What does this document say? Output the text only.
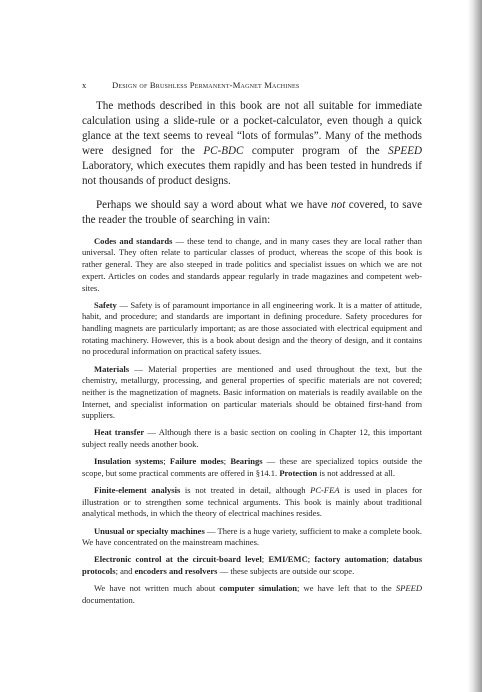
x	Design of Brushless Permanent-Magnet Machines

The methods described in this book are not all suitable for immediate calculation using a slide-rule or a pocket-calculator, even though a quick glance at the text seems to reveal “lots of formulas”. Many of the methods were designed for the PC-BDC computer program of the SPEED Laboratory, which executes them rapidly and has been tested in hundreds if not thousands of product designs.

Perhaps we should say a word about what we have not covered, to save the reader the trouble of searching in vain:

Codes and standards — these tend to change, and in many cases they are local rather than universal. They often relate to particular classes of product, whereas the scope of this book is rather general. They are also steeped in trade politics and specialist issues on which we are not expert. Articles on codes and standards appear regularly in trade magazines and competent web-sites.

Safety — Safety is of paramount importance in all engineering work. It is a matter of attitude, habit, and procedure; and standards are important in defining procedure. Safety procedures for handling magnets are particularly important; as are those associated with electrical equipment and rotating machinery. However, this is a book about design and the theory of design, and it contains no procedural information on practical safety issues.

Materials — Material properties are mentioned and used throughout the text, but the chemistry, metallurgy, processing, and general properties of specific materials are not covered; neither is the magnetization of magnets. Basic information on materials is readily available on the Internet, and specialist information on particular materials should be obtained first-hand from suppliers.

Heat transfer — Although there is a basic section on cooling in Chapter 12, this important subject really needs another book.

Insulation systems; Failure modes; Bearings — these are specialized topics outside the scope, but some practical comments are offered in §14.1. Protection is not addressed at all.

Finite-element analysis is not treated in detail, although PC-FEA is used in places for illustration or to strengthen some technical arguments. This book is mainly about traditional analytical methods, in which the theory of electrical machines resides.

Unusual or specialty machines — There is a huge variety, sufficient to make a complete book. We have concentrated on the mainstream machines.

Electronic control at the circuit-board level; EMI/EMC; factory automation; databus protocols; and encoders and resolvers — these subjects are outside our scope.

We have not written much about computer simulation; we have left that to the SPEED documentation.
